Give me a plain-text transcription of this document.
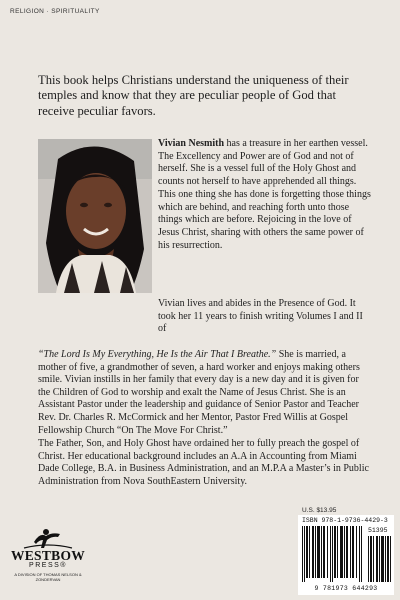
RELIGION · SPIRITUALITY

This book helps Christians understand the uniqueness of their temples and know that they are peculiar people of God that receive peculiar favors.

Vivian Nesmith has a treasure in her earthen vessel. The Excellency and Power are of God and not of herself. She is a vessel full of the Holy Ghost and counts not herself to have apprehended all things. This one thing she has done is forgetting those things which are behind, and reaching forth unto those things which are before. Rejoicing in the love of Jesus Christ, sharing with others the same power of his resurrection.

Vivian lives and abides in the Presence of God. It took her 11 years to finish writing Volumes I and II of

“The Lord Is My Everything, He Is the Air That I Breathe.” She is married, a mother of five, a grandmother of seven, a hard worker and enjoys making others smile. Vivian instills in her family that every day is a new day and it is given for the Children of God to worship and exalt the Name of Jesus Christ. She is an Assistant Pastor under the leadership and guidance of Senior Pastor and Teacher Rev. Dr. Charles R. McCormick and her Mentor, Pastor Fred Willis at Gospel Fellowship Church “On The Move For Christ.”

The Father, Son, and Holy Ghost have ordained her to fully preach the gospel of Christ. Her educational background includes an A.A in Accounting from Miami Dade College, B.A. in Business Administration, and an M.P.A a Master’s in Public Administration from Nova SouthEastern University.

WESTBOW
PRESS®
A DIVISION OF THOMAS NELSON & ZONDERVAN
U.S. $13.95
ISBN 978-1-9736-4429-3
51395
9 781973 644293
